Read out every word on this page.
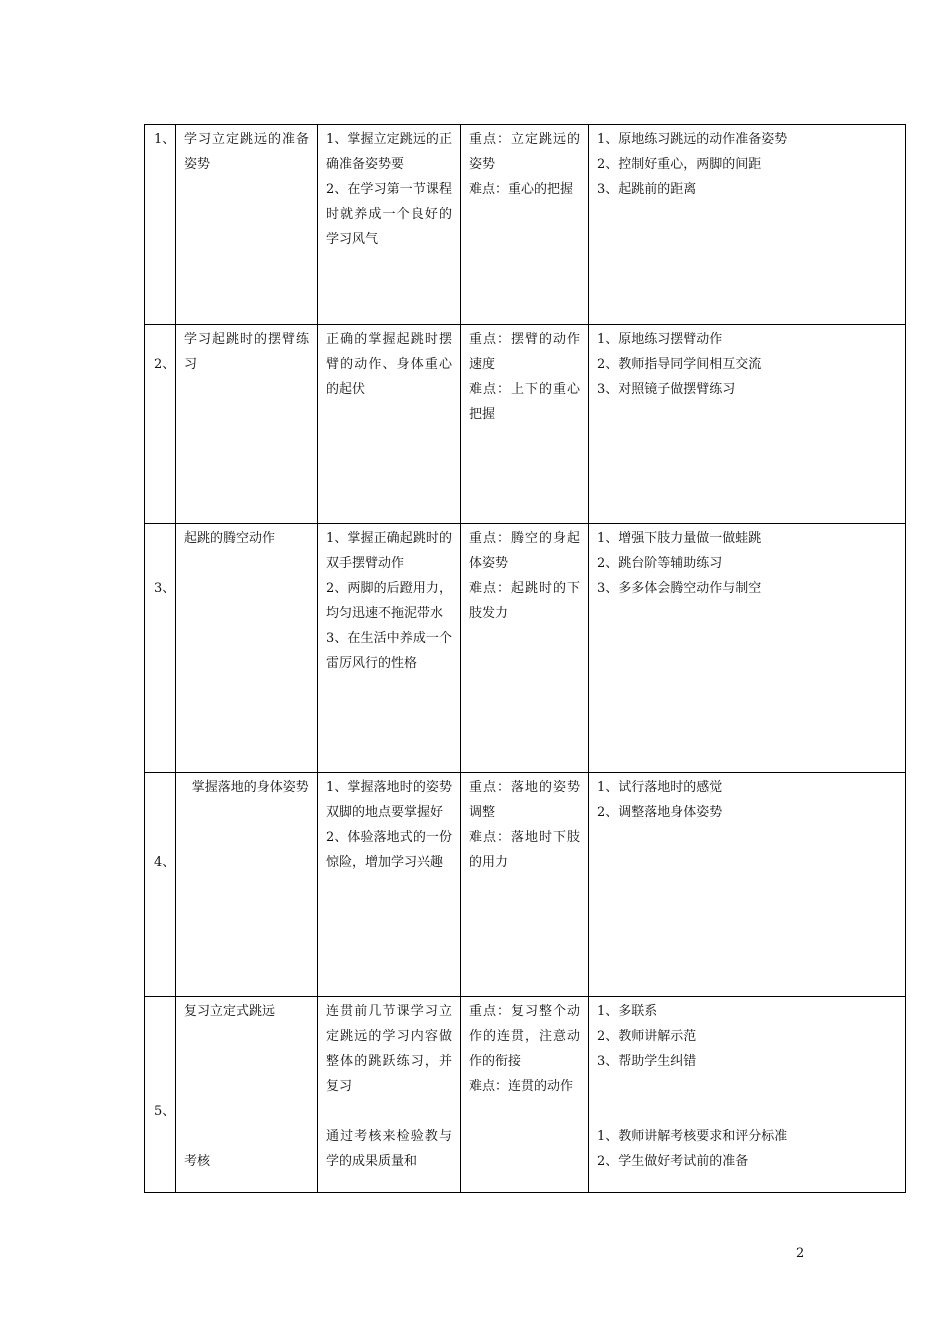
1、	学习立定跳远的准备姿势	1、掌握立定跳远的正确准备姿势要
2、在学习第一节课程时就养成一个良好的学习风气	重点：立定跳远的姿势
难点：重心的把握	1、原地练习跳远的动作准备姿势
2、控制好重心，两脚的间距
3、起跳前的距离

2、	学习起跳时的摆臂练习	正确的掌握起跳时摆臂的动作、身体重心的起伏	重点：摆臂的动作速度
难点：上下的重心把握	1、原地练习摆臂动作
2、教师指导同学间相互交流
3、对照镜子做摆臂练习

3、	起跳的腾空动作	1、掌握正确起跳时的双手摆臂动作
2、两脚的后蹬用力，均匀迅速不拖泥带水
3、在生活中养成一个雷厉风行的性格	重点：腾空的身起体姿势
难点：起跳时的下肢发力	1、增强下肢力量做一做蛙跳
2、跳台阶等辅助练习
3、多多体会腾空动作与制空

4、	掌握落地的身体姿势	1、掌握落地时的姿势双脚的地点要掌握好
2、体验落地式的一份惊险，增加学习兴趣	重点：落地的姿势调整
难点：落地时下肢的用力	1、试行落地时的感觉
2、调整落地身体姿势

5、	复习立定式跳远
考核	连贯前几节课学习立定跳远的学习内容做整体的跳跃练习，并复习
通过考核来检验教与学的成果质量和	重点：复习整个动作的连贯，注意动作的衔接
难点：连贯的动作	1、多联系
2、教师讲解示范
3、帮助学生纠错
1、教师讲解考核要求和评分标准
2、学生做好考试前的准备
2
